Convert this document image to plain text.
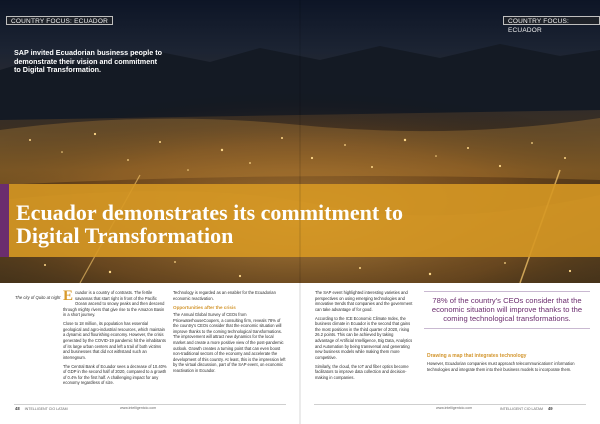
COUNTRY FOCUS: ECUADOR	COUNTRY FOCUS: ECUADOR
SAP invited Ecuadorian business people to demonstrate their vision and commitment to Digital Transformation.
Ecuador demonstrates its commitment to Digital Transformation
The city of Quito at night Ecuador is a country of contrasts. The fertile savannas that start right in front of the Pacific Ocean ascend to snowy peaks and then descend through mighty rivers that give rise to the Amazon Basin in a short journey.

Close to 18 million, its population has essential geological and agro-industrial resources, which maintain a dynamic and flourishing economy. However, the crisis generated by the COVID-19 pandemic hit the inhabitants of its large urban centers and left a trail of both victims and businesses that did not withstand such an interregnum.

The Central Bank of Ecuador sees a decrease of 10.40% of GDP in the second half of 2020, compared to a growth of 0.4% for the first half. A challenging impact for any economy regardless of size.

Technology is regarded as an enabler for the Ecuadorian economic reactivation.

Opportunities after the crisis

The Annual Global Survey of CEOs from PricewaterhouseCoopers, a consulting firm, reveals 78% of the country's CEOs consider that the economic situation will improve thanks to the coming technological transformations. The improvement will attract new dynamics for the local market and create a more positive view of the post-pandemic outlook. Growth creates a turning point that can even boost non-traditional sectors of the economy and accelerate the development of this country. At least, this is the impression left by the virtual discussion, part of the SAP event, on economic reactivation in Ecuador.

The SAP event highlighted interesting varieties and perspectives on using emerging technologies and innovative trends that companies and the government can take advantage of for good.

According to the ICE Economic Climate Index, the business climate in Ecuador is the second that gains the most positions in the third quarter of 2020, rising 26.2 points. This can be achieved by taking advantage of Artificial Intelligence, Big Data, Analytics and Automation by being transversal and generating new business models while making them more competitive.

Similarly, the cloud, the IoT and fiber optics become facilitators to improve data collection and decision-making in companies.

78% of the country's CEOs consider that the economic situation will improve thanks to the coming technological transformations.
Drawing a map that integrates technology

However, Ecuadorian companies must approach telecommunications' information technologies and integrate them into their business models to incorporate them.

48 INTELLIGENT CIO LATAM	www.intelligentcio.com	www.intelligentcio.com	INTELLIGENT CIO LATAM 49
